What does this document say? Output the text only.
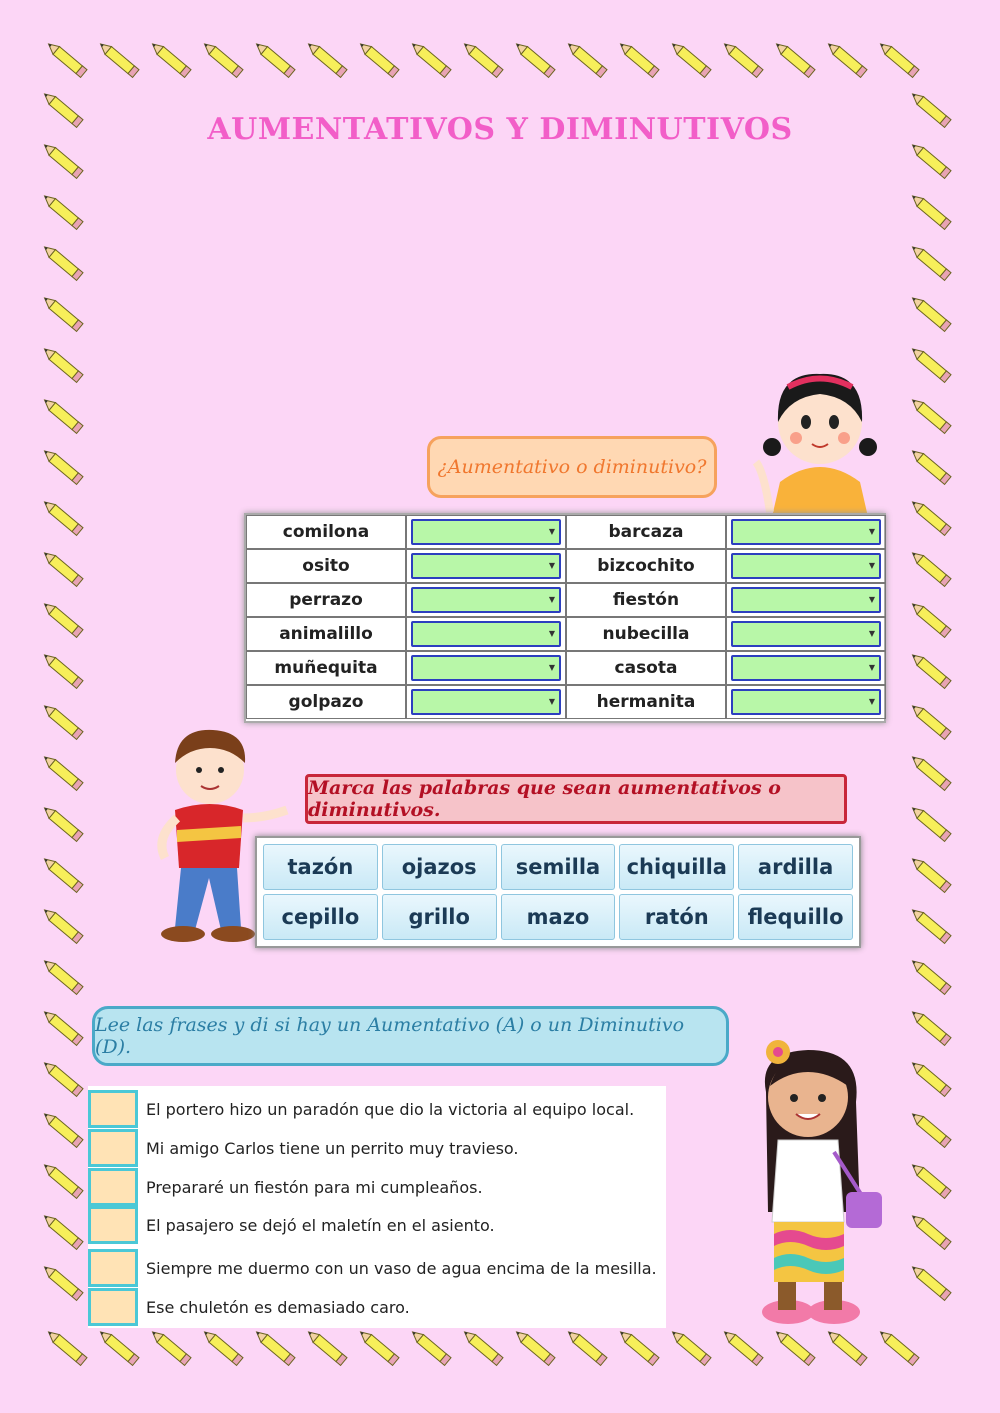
AUMENTATIVOS Y DIMINUTIVOS
¿Aumentativo o diminutivo?
comilona	▼	barcaza	▼
osito	▼	bizcochito	▼
perrazo	▼	fiestón	▼
animalillo	▼	nubecilla	▼
muñequita	▼	casota	▼
golpazo	▼	hermanita	▼
Marca las palabras que sean aumentativos o diminutivos.
tazón	ojazos	semilla	chiquilla	ardilla
cepillo	grillo	mazo	ratón	flequillo
Lee las frases y di si hay un Aumentativo (A) o un Diminutivo (D).
El portero hizo un paradón que dio la victoria al equipo local.
Mi amigo Carlos tiene un perrito muy travieso.
Prepararé un fiestón para mi cumpleaños.
El pasajero se dejó el maletín en el asiento.
Siempre me duermo con un vaso de agua encima de la mesilla.
Ese chuletón es demasiado caro.
